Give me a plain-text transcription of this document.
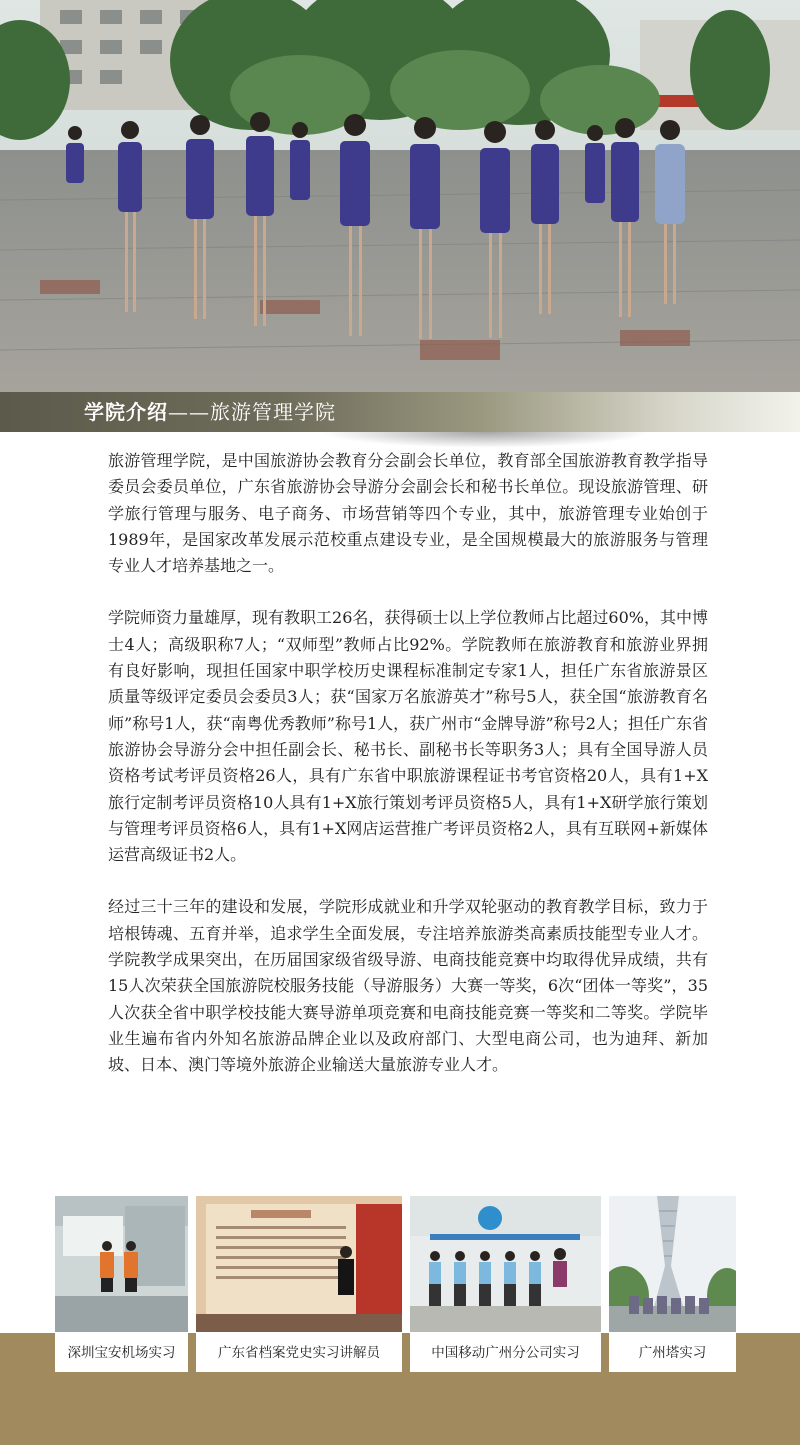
学院介绍——旅游管理学院

旅游管理学院，是中国旅游协会教育分会副会长单位，教育部全国旅游教育教学指导委员会委员单位，广东省旅游协会导游分会副会长和秘书长单位。现设旅游管理、研学旅行管理与服务、电子商务、市场营销等四个专业，其中，旅游管理专业始创于1989年，是国家改革发展示范校重点建设专业，是全国规模最大的旅游服务与管理专业人才培养基地之一。

学院师资力量雄厚，现有教职工26名，获得硕士以上学位教师占比超过60%，其中博士4人；高级职称7人；“双师型”教师占比92%。学院教师在旅游教育和旅游业界拥有良好影响，现担任国家中职学校历史课程标准制定专家1人，担任广东省旅游景区质量等级评定委员会委员3人；获“国家万名旅游英才”称号5人，获全国“旅游教育名师”称号1人，获“南粤优秀教师”称号1人，获广州市“金牌导游”称号2人；担任广东省旅游协会导游分会中担任副会长、秘书长、副秘书长等职务3人；具有全国导游人员资格考试考评员资格26人，具有广东省中职旅游课程证书考官资格20人，具有1+X旅行定制考评员资格10人具有1+X旅行策划考评员资格5人，具有1+X研学旅行策划与管理考评员资格6人，具有1+X网店运营推广考评员资格2人，具有互联网+新媒体运营高级证书2人。

经过三十三年的建设和发展，学院形成就业和升学双轮驱动的教育教学目标，致力于培根铸魂、五育并举，追求学生全面发展，专注培养旅游类高素质技能型专业人才。学院教学成果突出，在历届国家级省级导游、电商技能竞赛中均取得优异成绩，共有15人次荣获全国旅游院校服务技能（导游服务）大赛一等奖，6次“团体一等奖”，35人次获全省中职学校技能大赛导游单项竞赛和电商技能竞赛一等奖和二等奖。学院毕业生遍布省内外知名旅游品牌企业以及政府部门、大型电商公司，也为迪拜、新加坡、日本、澳门等境外旅游企业输送大量旅游专业人才。

深圳宝安机场实习	广东省档案党史实习讲解员	中国移动广州分公司实习	广州塔实习
